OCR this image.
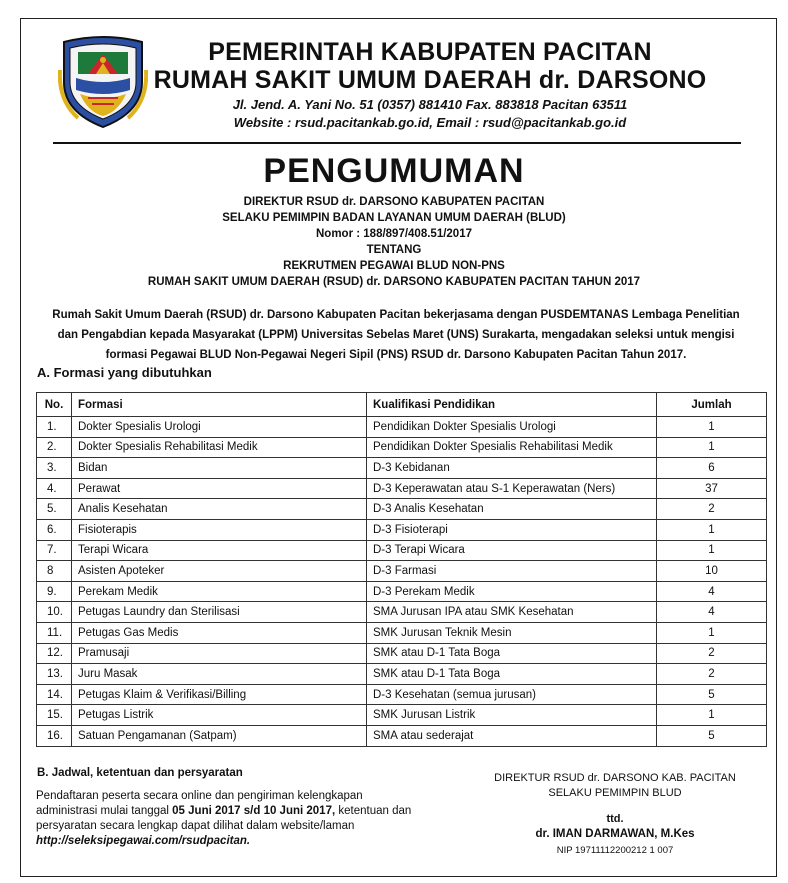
PEMERINTAH KABUPATEN PACITAN
RUMAH SAKIT UMUM DAERAH dr. DARSONO
Jl. Jend. A. Yani No. 51 (0357) 881410 Fax. 883818 Pacitan 63511
Website : rsud.pacitankab.go.id, Email : rsud@pacitankab.go.id
PENGUMUMAN
DIREKTUR RSUD dr. DARSONO KABUPATEN PACITAN
SELAKU PEMIMPIN BADAN LAYANAN UMUM DAERAH (BLUD)
Nomor : 188/897/408.51/2017
TENTANG
REKRUTMEN PEGAWAI BLUD NON-PNS
RUMAH SAKIT UMUM DAERAH (RSUD) dr. DARSONO KABUPATEN PACITAN TAHUN 2017
Rumah Sakit Umum Daerah (RSUD) dr. Darsono Kabupaten Pacitan bekerjasama dengan PUSDEMTANAS Lembaga Penelitian
dan Pengabdian kepada Masyarakat (LPPM) Universitas Sebelas Maret (UNS) Surakarta, mengadakan seleksi untuk mengisi
formasi Pegawai BLUD Non-Pegawai Negeri Sipil (PNS) RSUD dr. Darsono Kabupaten Pacitan Tahun 2017.
A. Formasi yang dibutuhkan
No.	Formasi	Kualifikasi Pendidikan	Jumlah
1.	Dokter Spesialis Urologi	Pendidikan Dokter Spesialis Urologi	1
2.	Dokter Spesialis Rehabilitasi Medik	Pendidikan Dokter Spesialis Rehabilitasi Medik	1
3.	Bidan	D-3 Kebidanan	6
4.	Perawat	D-3 Keperawatan atau S-1 Keperawatan (Ners)	37
5.	Analis Kesehatan	D-3 Analis Kesehatan	2
6.	Fisioterapis	D-3 Fisioterapi	1
7.	Terapi Wicara	D-3 Terapi Wicara	1
8	Asisten Apoteker	D-3 Farmasi	10
9.	Perekam Medik	D-3 Perekam Medik	4
10.	Petugas Laundry dan Sterilisasi	SMA Jurusan IPA atau SMK Kesehatan	4
11.	Petugas Gas Medis	SMK Jurusan Teknik Mesin	1
12.	Pramusaji	SMK atau D-1 Tata Boga	2
13.	Juru Masak	SMK atau D-1 Tata Boga	2
14.	Petugas Klaim & Verifikasi/Billing	D-3 Kesehatan (semua jurusan)	5
15.	Petugas Listrik	SMK Jurusan Listrik	1
16.	Satuan Pengamanan (Satpam)	SMA atau sederajat	5
B. Jadwal, ketentuan dan persyaratan
Pendaftaran peserta secara online dan pengiriman kelengkapan
administrasi mulai tanggal 05 Juni 2017 s/d 10 Juni 2017, ketentuan dan
persyaratan secara lengkap dapat dilihat dalam website/laman
http://seleksipegawai.com/rsudpacitan.
DIREKTUR RSUD dr. DARSONO KAB. PACITAN
SELAKU PEMIMPIN BLUD
ttd.
dr. IMAN DARMAWAN, M.Kes
NIP 19711112200212 1 007
